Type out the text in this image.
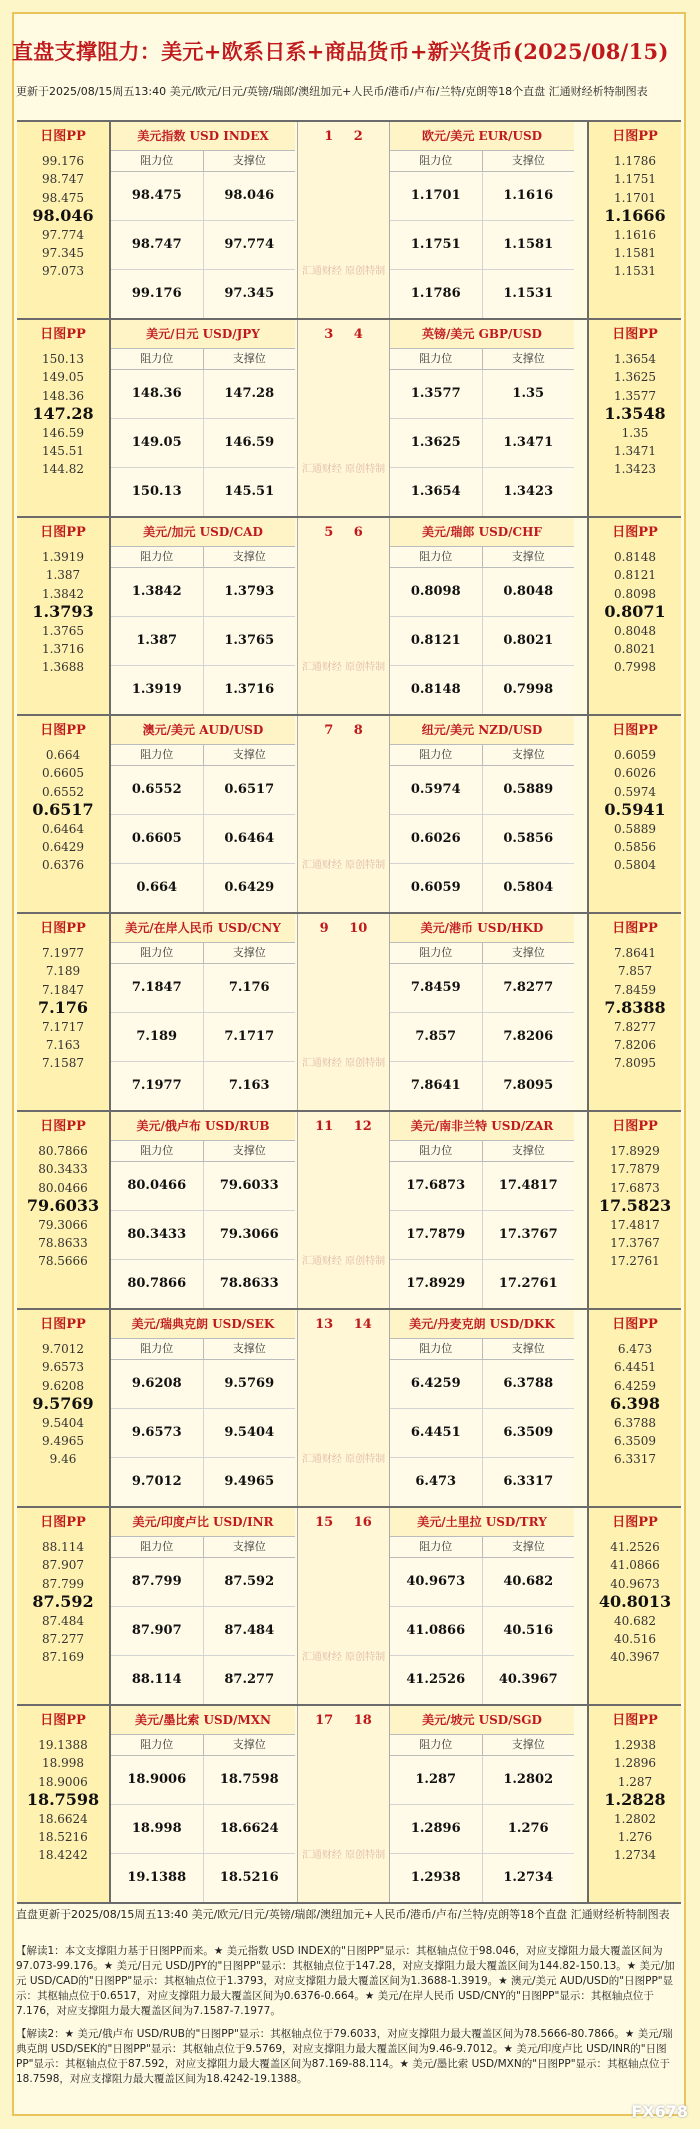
直盘支撑阻力：美元+欧系日系+商品货币+新兴货币(2025/08/15)
更新于2025/08/15周五13:40 美元/欧元/日元/英镑/瑞郎/澳纽加元+人民币/港币/卢布/兰特/克朗等18个直盘 汇通财经析特制图表
日图PP
99.176
98.747
98.475
98.046
97.774
97.345
97.073
美元指数 USD INDEX
阻力位	支撑位
98.475	98.046
98.747	97.774
99.176	97.345
1 2
汇通财经 原创特制
欧元/美元 EUR/USD
阻力位	支撑位
1.1701	1.1616
1.1751	1.1581
1.1786	1.1531
日图PP
1.1786
1.1751
1.1701
1.1666
1.1616
1.1581
1.1531
日图PP
150.13
149.05
148.36
147.28
146.59
145.51
144.82
美元/日元 USD/JPY
阻力位	支撑位
148.36	147.28
149.05	146.59
150.13	145.51
3 4
汇通财经 原创特制
英镑/美元 GBP/USD
阻力位	支撑位
1.3577	1.35
1.3625	1.3471
1.3654	1.3423
日图PP
1.3654
1.3625
1.3577
1.3548
1.35
1.3471
1.3423
日图PP
1.3919
1.387
1.3842
1.3793
1.3765
1.3716
1.3688
美元/加元 USD/CAD
阻力位	支撑位
1.3842	1.3793
1.387	1.3765
1.3919	1.3716
5 6
汇通财经 原创特制
美元/瑞郎 USD/CHF
阻力位	支撑位
0.8098	0.8048
0.8121	0.8021
0.8148	0.7998
日图PP
0.8148
0.8121
0.8098
0.8071
0.8048
0.8021
0.7998
日图PP
0.664
0.6605
0.6552
0.6517
0.6464
0.6429
0.6376
澳元/美元 AUD/USD
阻力位	支撑位
0.6552	0.6517
0.6605	0.6464
0.664	0.6429
7 8
汇通财经 原创特制
纽元/美元 NZD/USD
阻力位	支撑位
0.5974	0.5889
0.6026	0.5856
0.6059	0.5804
日图PP
0.6059
0.6026
0.5974
0.5941
0.5889
0.5856
0.5804
日图PP
7.1977
7.189
7.1847
7.176
7.1717
7.163
7.1587
美元/在岸人民币 USD/CNY
阻力位	支撑位
7.1847	7.176
7.189	7.1717
7.1977	7.163
9 10
汇通财经 原创特制
美元/港币 USD/HKD
阻力位	支撑位
7.8459	7.8277
7.857	7.8206
7.8641	7.8095
日图PP
7.8641
7.857
7.8459
7.8388
7.8277
7.8206
7.8095
日图PP
80.7866
80.3433
80.0466
79.6033
79.3066
78.8633
78.5666
美元/俄卢布 USD/RUB
阻力位	支撑位
80.0466	79.6033
80.3433	79.3066
80.7866	78.8633
11 12
汇通财经 原创特制
美元/南非兰特 USD/ZAR
阻力位	支撑位
17.6873	17.4817
17.7879	17.3767
17.8929	17.2761
日图PP
17.8929
17.7879
17.6873
17.5823
17.4817
17.3767
17.2761
日图PP
9.7012
9.6573
9.6208
9.5769
9.5404
9.4965
9.46
美元/瑞典克朗 USD/SEK
阻力位	支撑位
9.6208	9.5769
9.6573	9.5404
9.7012	9.4965
13 14
汇通财经 原创特制
美元/丹麦克朗 USD/DKK
阻力位	支撑位
6.4259	6.3788
6.4451	6.3509
6.473	6.3317
日图PP
6.473
6.4451
6.4259
6.398
6.3788
6.3509
6.3317
日图PP
88.114
87.907
87.799
87.592
87.484
87.277
87.169
美元/印度卢比 USD/INR
阻力位	支撑位
87.799	87.592
87.907	87.484
88.114	87.277
15 16
汇通财经 原创特制
美元/土里拉 USD/TRY
阻力位	支撑位
40.9673	40.682
41.0866	40.516
41.2526	40.3967
日图PP
41.2526
41.0866
40.9673
40.8013
40.682
40.516
40.3967
日图PP
19.1388
18.998
18.9006
18.7598
18.6624
18.5216
18.4242
美元/墨比索 USD/MXN
阻力位	支撑位
18.9006	18.7598
18.998	18.6624
19.1388	18.5216
17 18
汇通财经 原创特制
美元/坡元 USD/SGD
阻力位	支撑位
1.287	1.2802
1.2896	1.276
1.2938	1.2734
日图PP
1.2938
1.2896
1.287
1.2828
1.2802
1.276
1.2734
直盘更新于2025/08/15周五13:40 美元/欧元/日元/英镑/瑞郎/澳纽加元+人民币/港币/卢布/兰特/克朗等18个直盘 汇通财经析特制图表
【解读1：本文支撑阻力基于日图PP而来。★ 美元指数 USD INDEX的"日图PP"显示：其枢轴点位于98.046，对应支撑阻力最大覆盖区间为97.073-99.176。★ 美元/日元 USD/JPY的"日图PP"显示：其枢轴点位于147.28，对应支撑阻力最大覆盖区间为144.82-150.13。★ 美元/加元 USD/CAD的"日图PP"显示：其枢轴点位于1.3793，对应支撑阻力最大覆盖区间为1.3688-1.3919。★ 澳元/美元 AUD/USD的"日图PP"显示：其枢轴点位于0.6517，对应支撑阻力最大覆盖区间为0.6376-0.664。★ 美元/在岸人民币 USD/CNY的"日图PP"显示：其枢轴点位于7.176，对应支撑阻力最大覆盖区间为7.1587-7.1977。
【解读2：★ 美元/俄卢布 USD/RUB的"日图PP"显示：其枢轴点位于79.6033，对应支撑阻力最大覆盖区间为78.5666-80.7866。★ 美元/瑞典克朗 USD/SEK的"日图PP"显示：其枢轴点位于9.5769，对应支撑阻力最大覆盖区间为9.46-9.7012。★ 美元/印度卢比 USD/INR的"日图PP"显示：其枢轴点位于87.592，对应支撑阻力最大覆盖区间为87.169-88.114。★ 美元/墨比索 USD/MXN的"日图PP"显示：其枢轴点位于18.7598，对应支撑阻力最大覆盖区间为18.4242-19.1388。
FX678
